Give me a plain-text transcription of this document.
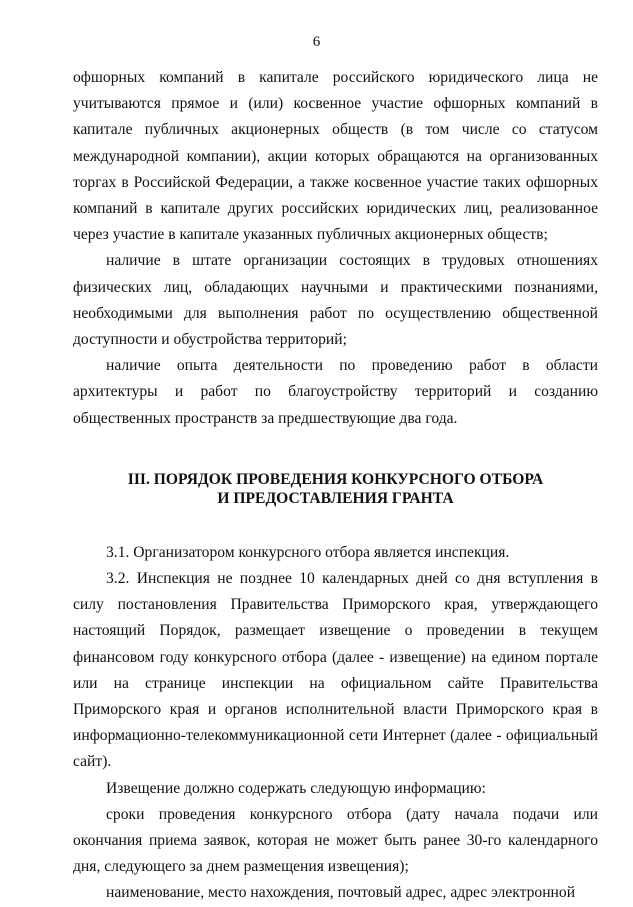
6

офшорных компаний в капитале российского юридического лица не учитываются прямое и (или) косвенное участие офшорных компаний в капитале публичных акционерных обществ (в том числе со статусом международной компании), акции которых обращаются на организованных торгах в Российской Федерации, а также косвенное участие таких офшорных компаний в капитале других российских юридических лиц, реализованное через участие в капитале указанных публичных акционерных обществ;

наличие в штате организации состоящих в трудовых отношениях физических лиц, обладающих научными и практическими познаниями, необходимыми для выполнения работ по осуществлению общественной доступности и обустройства территорий;

наличие опыта деятельности по проведению работ в области архитектуры и работ по благоустройству территорий и созданию общественных пространств за предшествующие два года.

III. ПОРЯДОК ПРОВЕДЕНИЯ КОНКУРСНОГО ОТБОРА
И ПРЕДОСТАВЛЕНИЯ ГРАНТА

3.1. Организатором конкурсного отбора является инспекция.

3.2. Инспекция не позднее 10 календарных дней со дня вступления в силу постановления Правительства Приморского края, утверждающего настоящий Порядок, размещает извещение о проведении в текущем финансовом году конкурсного отбора (далее - извещение) на едином портале или на странице инспекции на официальном сайте Правительства Приморского края и органов исполнительной власти Приморского края в информационно-телекоммуникационной сети Интернет (далее - официальный сайт).

Извещение должно содержать следующую информацию:

сроки проведения конкурсного отбора (дату начала подачи или окончания приема заявок, которая не может быть ранее 30-го календарного дня, следующего за днем размещения извещения);

наименование, место нахождения, почтовый адрес, адрес электронной
